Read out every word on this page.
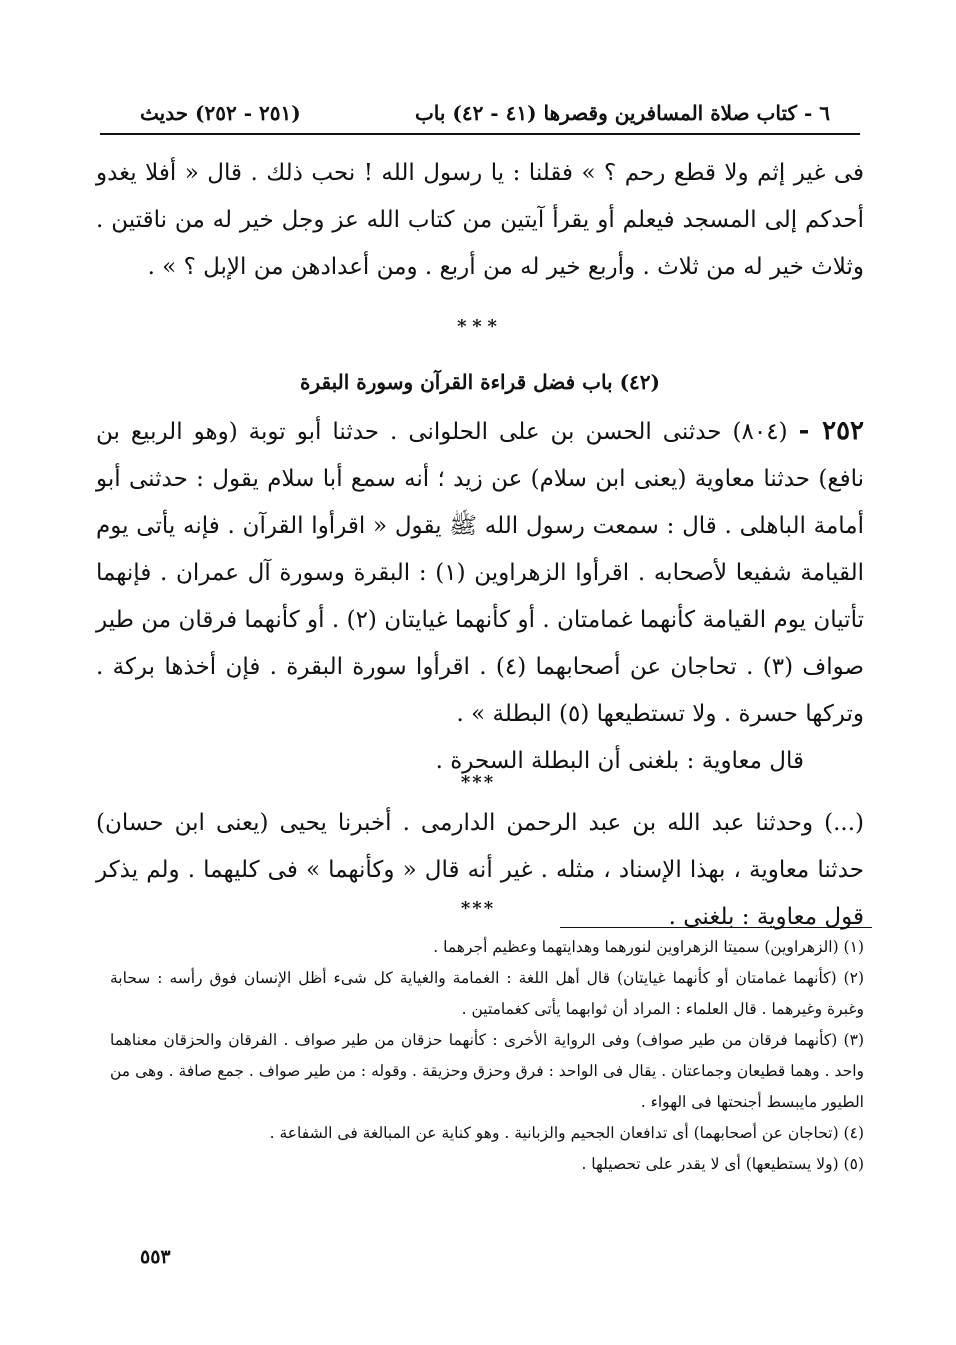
٦ - كتاب صلاة المسافرين وقصرها (٤١ - ٤٢) باب
(٢٥١ - ٢٥٢) حديث

فى غير إثم ولا قطع رحم ؟ » فقلنا : يا رسول الله ! نحب ذلك . قال « أفلا يغدو أحدكم إلى المسجد فيعلم أو يقرأ آيتين من كتاب الله عز وجل خير له من ناقتين . وثلاث خير له من ثلاث . وأربع خير له من أربع . ومن أعدادهن من الإبل ؟ » .

* * *
(٤٢) باب فضل قراءة القرآن وسورة البقرة

٢٥٢ - (٨٠٤) حدثنى الحسن بن على الحلوانى . حدثنا أبو توبة (وهو الربيع بن نافع) حدثنا معاوية (يعنى ابن سلام) عن زيد ؛ أنه سمع أبا سلام يقول : حدثنى أبو أمامة الباهلى . قال : سمعت رسول الله ﷺ يقول « اقرأوا القرآن . فإنه يأتى يوم القيامة شفيعا لأصحابه . اقرأوا الزهراوين (١) : البقرة وسورة آل عمران . فإنهما تأتيان يوم القيامة كأنهما غمامتان . أو كأنهما غيايتان (٢) . أو كأنهما فرقان من طير صواف (٣) . تحاجان عن أصحابهما (٤) . اقرأوا سورة البقرة . فإن أخذها بركة . وتركها حسرة . ولا تستطيعها (٥) البطلة » .

قال معاوية : بلغنى أن البطلة السحرة .

***

(...) وحدثنا عبد الله بن عبد الرحمن الدارمى . أخبرنا يحيى (يعنى ابن حسان) حدثنا معاوية ، بهذا الإسناد ، مثله . غير أنه قال « وكأنهما » فى كليهما . ولم يذكر قول معاوية : بلغنى .

***

(١) (الزهراوين) سميتا الزهراوين لنورهما وهدايتهما وعظيم أجرهما .

(٢) (كأنهما غمامتان أو كأنهما غيايتان) قال أهل اللغة : الغمامة والغياية كل شىء أظل الإنسان فوق رأسه : سحابة وغبرة وغيرهما . قال العلماء : المراد أن ثوابهما يأتى كغمامتين .

(٣) (كأنهما فرقان من طير صواف) وفى الرواية الأخرى : كأنهما حزقان من طير صواف . الفرقان والحزقان معناهما واحد . وهما قطيعان وجماعتان . يقال فى الواحد : فرق وحزق وحزيقة . وقوله : من طير صواف . جمع صافة . وهى من الطيور مايبسط أجنحتها فى الهواء .

(٤) (تحاجان عن أصحابهما) أى تدافعان الجحيم والزبانية . وهو كناية عن المبالغة فى الشفاعة .

(٥) (ولا يستطيعها) أى لا يقدر على تحصيلها .

٥٥٣
